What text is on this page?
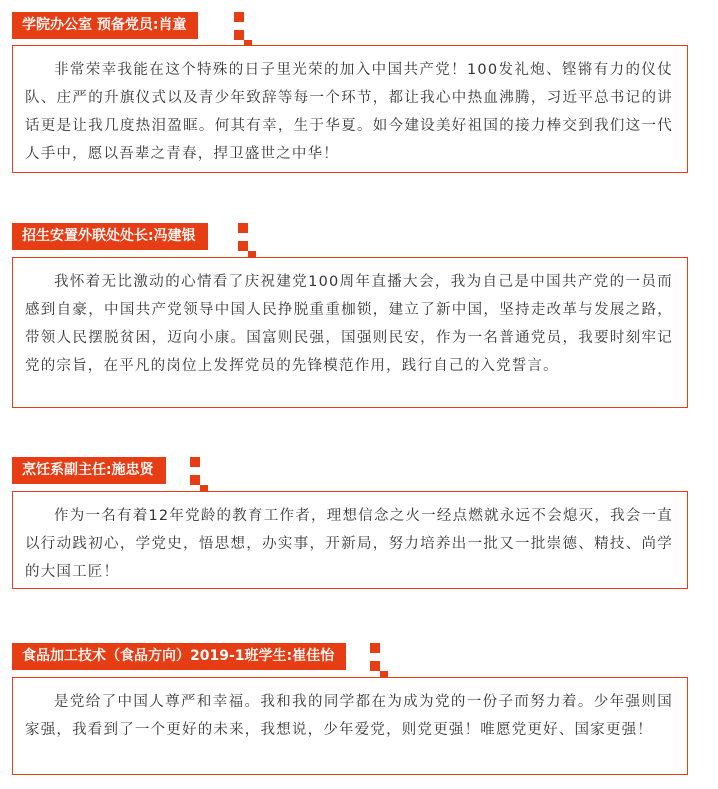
学院办公室 预备党员:肖童

非常荣幸我能在这个特殊的日子里光荣的加入中国共产党！100发礼炮、铿锵有力的仪仗队、庄严的升旗仪式以及青少年致辞等每一个环节，都让我心中热血沸腾，习近平总书记的讲话更是让我几度热泪盈眶。何其有幸，生于华夏。如今建设美好祖国的接力棒交到我们这一代人手中，愿以吾辈之青春，捍卫盛世之中华！

招生安置外联处处长:冯建银

我怀着无比激动的心情看了庆祝建党100周年直播大会，我为自己是中国共产党的一员而感到自豪，中国共产党领导中国人民挣脱重重枷锁，建立了新中国，坚持走改革与发展之路，带领人民摆脱贫困，迈向小康。国富则民强，国强则民安，作为一名普通党员，我要时刻牢记党的宗旨，在平凡的岗位上发挥党员的先锋模范作用，践行自己的入党誓言。

烹饪系副主任:施忠贤

作为一名有着12年党龄的教育工作者，理想信念之火一经点燃就永远不会熄灭，我会一直以行动践初心，学党史，悟思想，办实事，开新局，努力培养出一批又一批崇德、精技、尚学的大国工匠！

食品加工技术（食品方向）2019-1班学生:崔佳怡

是党给了中国人尊严和幸福。我和我的同学都在为成为党的一份子而努力着。少年强则国家强，我看到了一个更好的未来，我想说，少年爱党，则党更强！唯愿党更好、国家更强！
